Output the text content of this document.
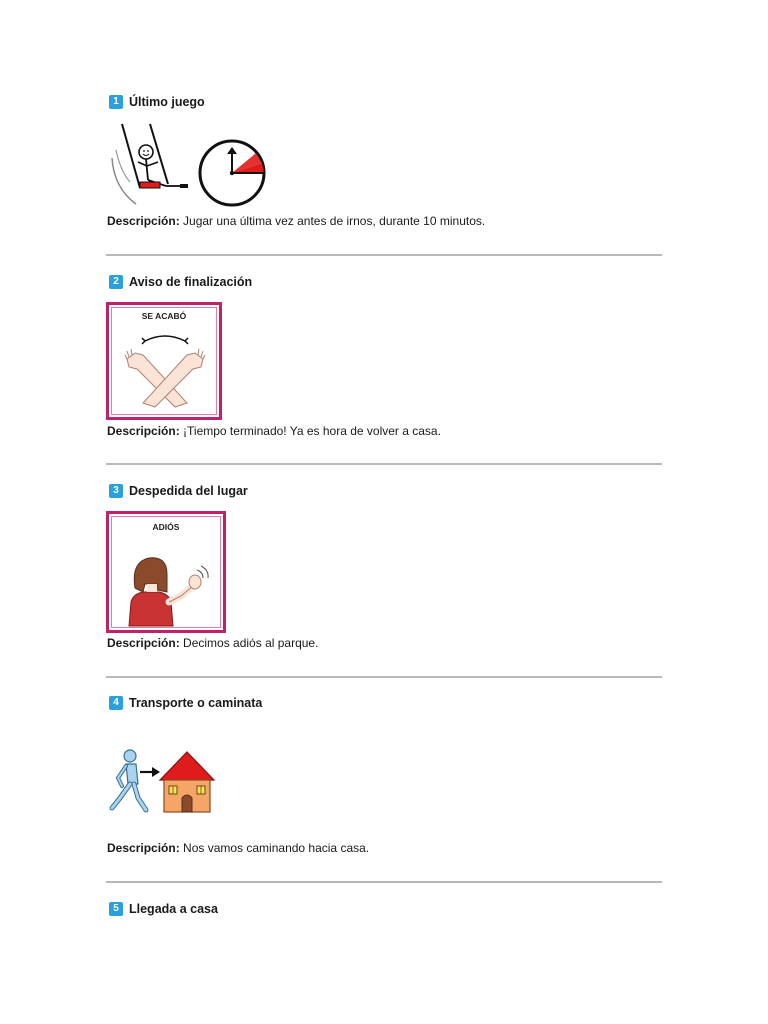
1 Último juego
Descripción: Jugar una última vez antes de irnos, durante 10 minutos.
2 Aviso de finalización
SE ACABÓ
Descripción: ¡Tiempo terminado! Ya es hora de volver a casa.
3 Despedida del lugar
ADIÓS
Descripción: Decimos adiós al parque.
4 Transporte o caminata
Descripción: Nos vamos caminando hacia casa.
5 Llegada a casa
